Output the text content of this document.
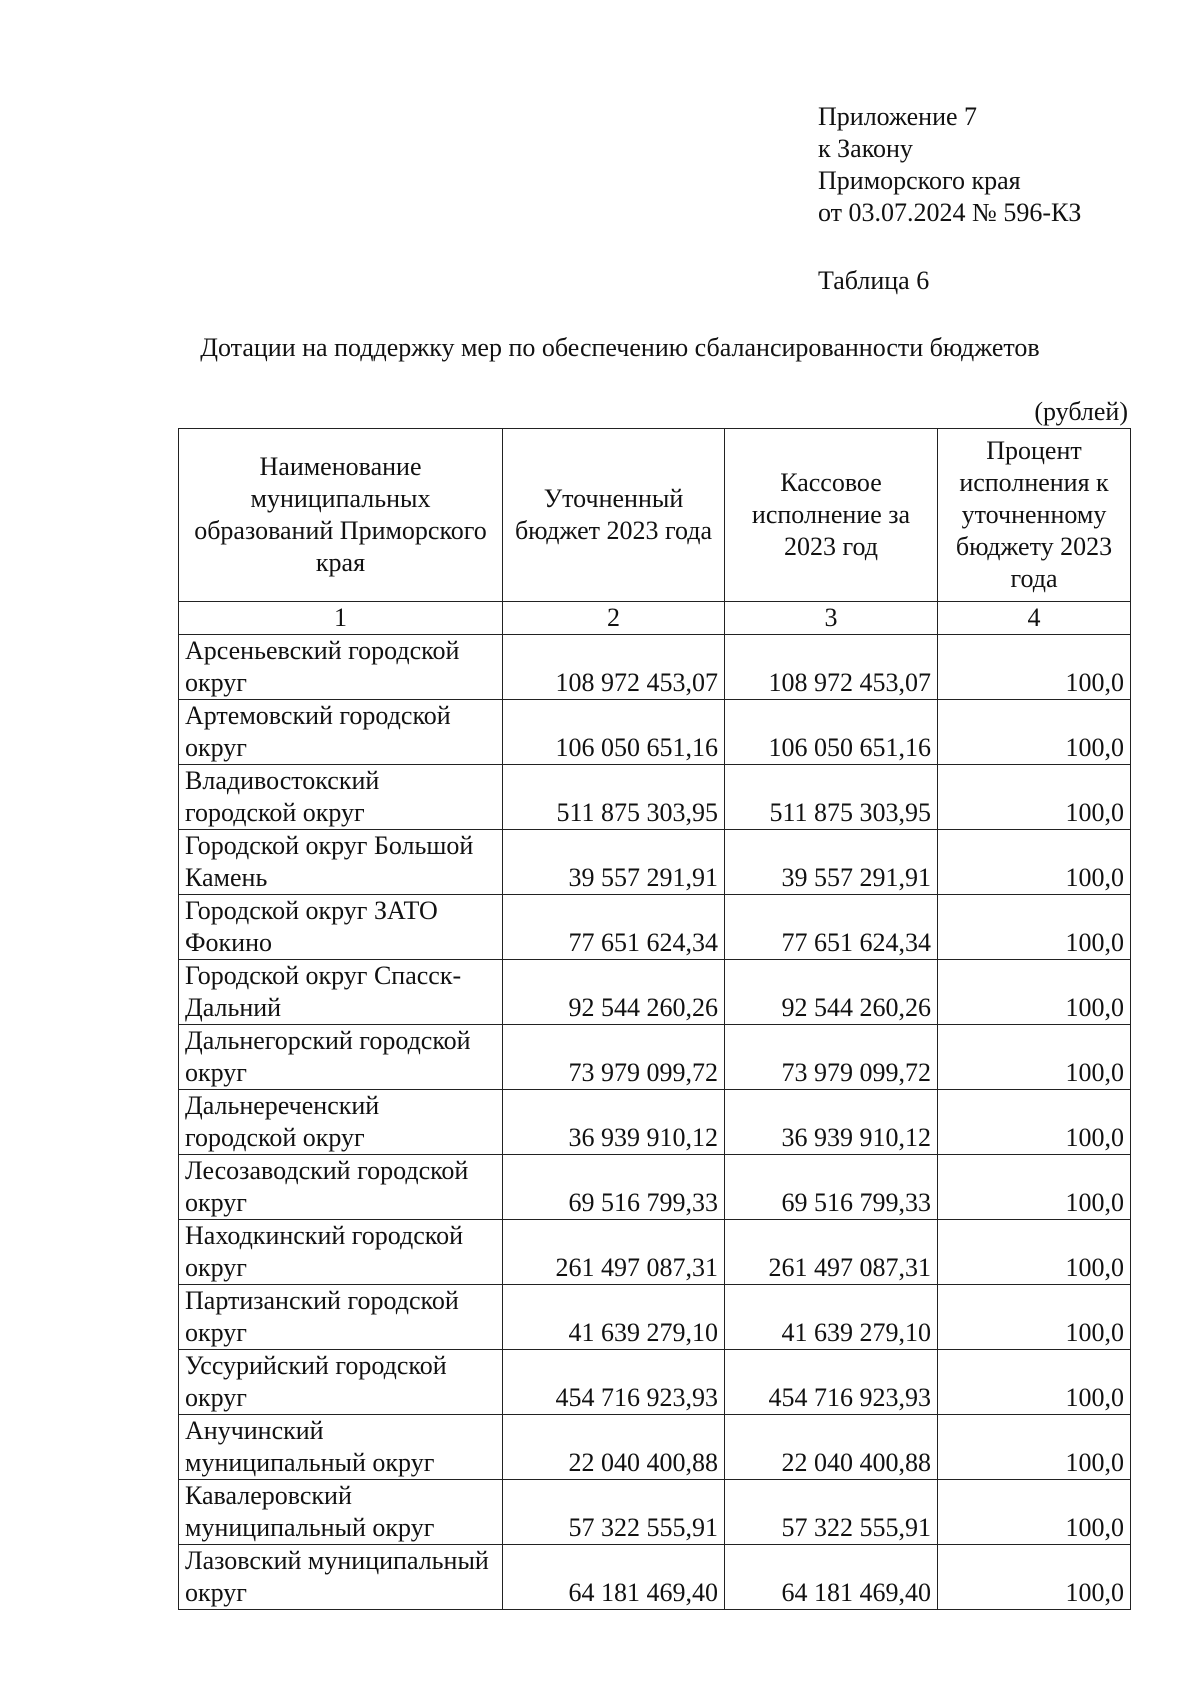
Приложение 7
к Закону
Приморского края
от 03.07.2024 № 596-КЗ
Таблица 6
Дотации на поддержку мер по обеспечению сбалансированности бюджетов
(рублей)
Наименование муниципальных образований Приморского края	Уточненный бюджет 2023 года	Кассовое исполнение за 2023 год	Процент исполнения к уточненному бюджету 2023 года
1	2	3	4
Арсеньевский городской округ	108 972 453,07	108 972 453,07	100,0
Артемовский городской округ	106 050 651,16	106 050 651,16	100,0
Владивостокский городской округ	511 875 303,95	511 875 303,95	100,0
Городской округ Большой Камень	39 557 291,91	39 557 291,91	100,0
Городской округ ЗАТО Фокино	77 651 624,34	77 651 624,34	100,0
Городской округ Спасск-Дальний	92 544 260,26	92 544 260,26	100,0
Дальнегорский городской округ	73 979 099,72	73 979 099,72	100,0
Дальнереченский городской округ	36 939 910,12	36 939 910,12	100,0
Лесозаводский городской округ	69 516 799,33	69 516 799,33	100,0
Находкинский городской округ	261 497 087,31	261 497 087,31	100,0
Партизанский городской округ	41 639 279,10	41 639 279,10	100,0
Уссурийский городской округ	454 716 923,93	454 716 923,93	100,0
Анучинский муниципальный округ	22 040 400,88	22 040 400,88	100,0
Кавалеровский муниципальный округ	57 322 555,91	57 322 555,91	100,0
Лазовский муниципальный округ	64 181 469,40	64 181 469,40	100,0
